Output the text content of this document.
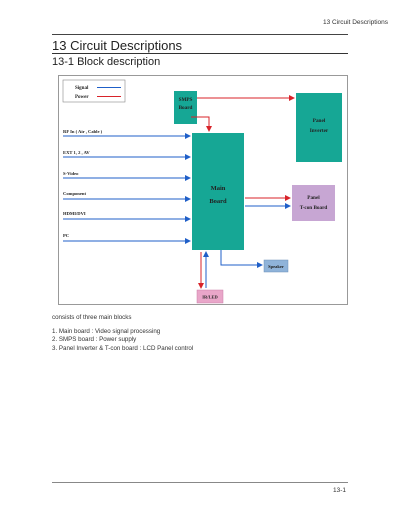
13 Circuit Descriptions
13 Circuit Descriptions
13-1 Block description
Signal
Power	SMPS
Board
Main
Board
Panel
Inverter
Panel
T-con Board
Speaker
IR/LED
RF In ( Air , Cable )
EXT 1, 2 , AV
S-Video
Component
HDMI/DVI
PC

consists of three main blocks

1. Main board : Video signal processing
2. SMPS board : Power supply
3. Panel Inverter & T-con board : LCD Panel control
13-1
